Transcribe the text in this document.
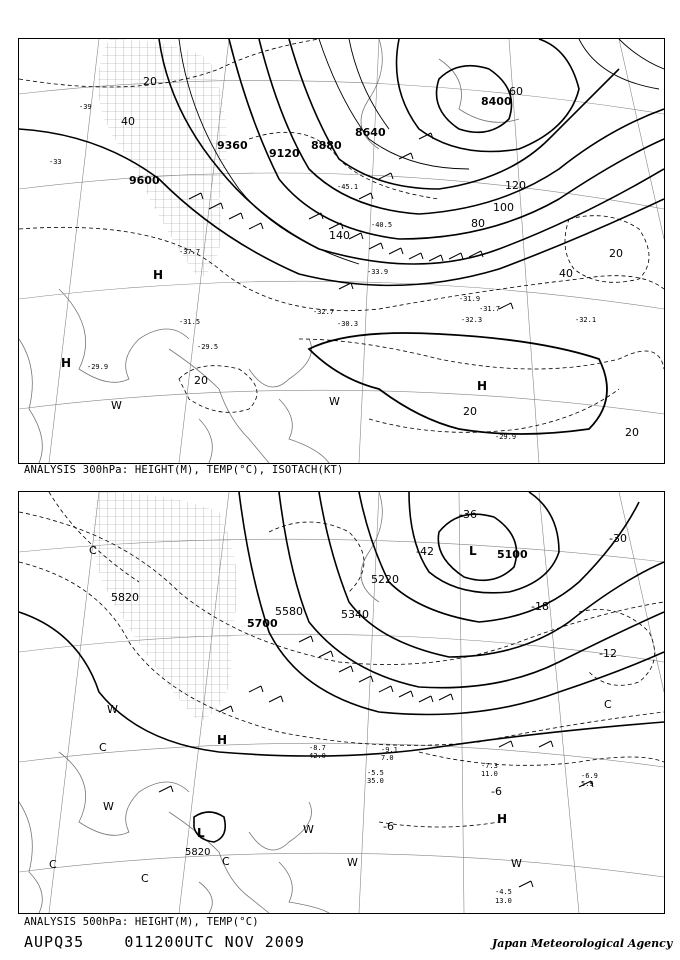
9600
9360
9120
8880
8640
8400
20
40
60
80
100
120
140
-39
-33
-31.9
-32.1
-32.3
-32.7
-30.3
-31.7
-31.5
-29.9
-29.5
-29.9
-33.9
-37.7
-40.5
-45.1
20
40
20
20
20
H
H
H
W	W
ANALYSIS 300hPa: HEIGHT(M), TEMP(°C), ISOTACH(KT)
5820
5700
5580	5340
5220
5100
5820
-36
-42
-30
-18
-12
-6
-6
-4.5
13.0
-7.3
11.0	-6.9
5.9
-5.5
35.0
-9.1
7.0
-8.7
42.0
H
H
L
L
W
W
W
W
W
C
C
C
C
C
C
ANALYSIS 500hPa: HEIGHT(M), TEMP(°C)
AUPQ35	011200UTC NOV 2009	Japan Meteorological Agency
